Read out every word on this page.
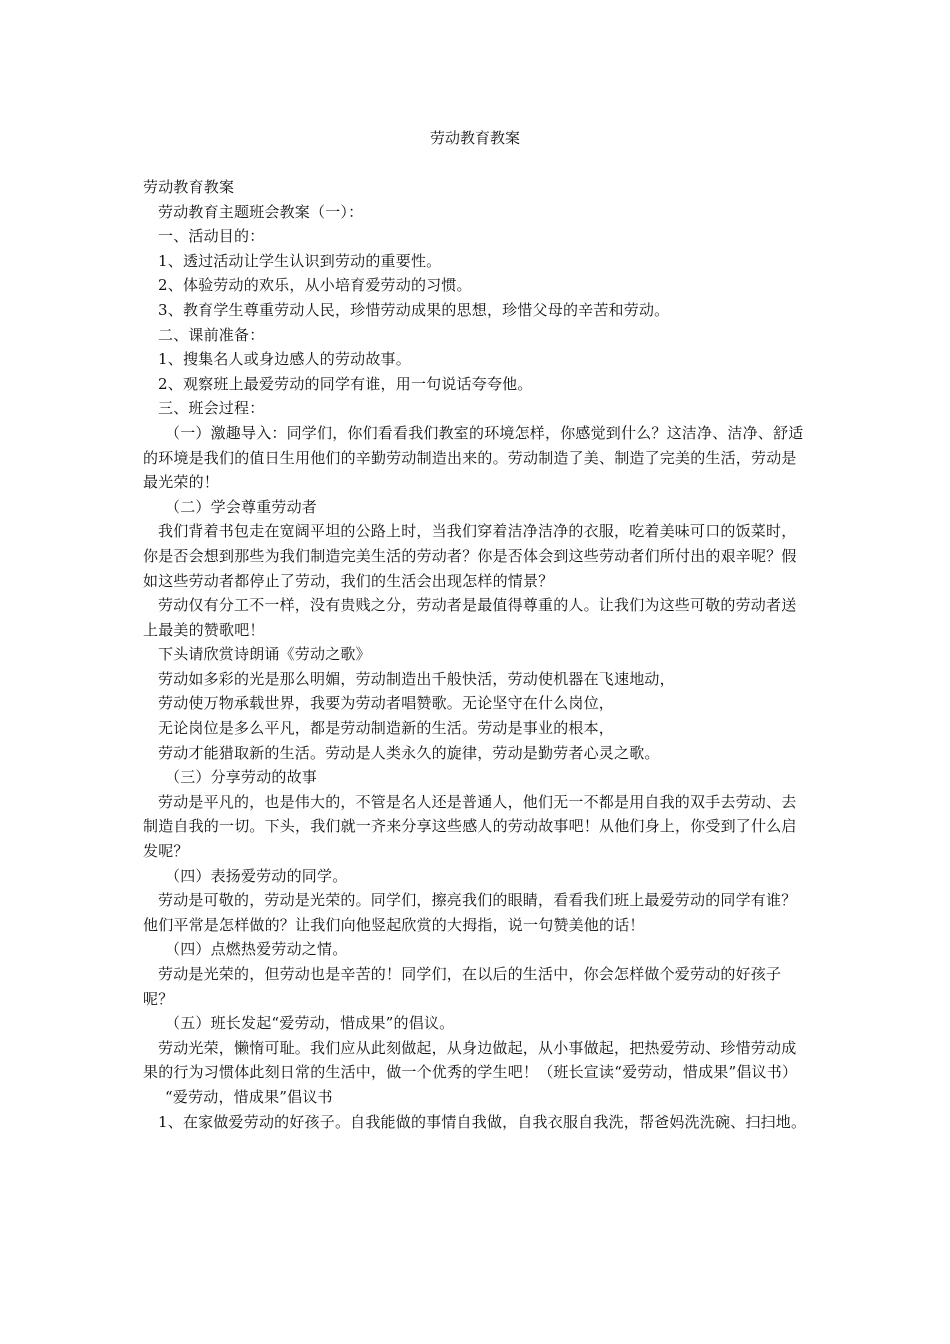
劳动教育教案

劳动教育教案

劳动教育主题班会教案（一）：

一、活动目的：

1、透过活动让学生认识到劳动的重要性。

2、体验劳动的欢乐，从小培育爱劳动的习惯。

3、教育学生尊重劳动人民，珍惜劳动成果的思想，珍惜父母的辛苦和劳动。

二、课前准备：

1、搜集名人或身边感人的劳动故事。

2、观察班上最爱劳动的同学有谁，用一句说话夸夸他。

三、班会过程：

（一）激趣导入：同学们，你们看看我们教室的环境怎样，你感觉到什么？这洁净、洁净、舒适的环境是我们的值日生用他们的辛勤劳动制造出来的。劳动制造了美、制造了完美的生活，劳动是最光荣的！

（二）学会尊重劳动者

我们背着书包走在宽阔平坦的公路上时，当我们穿着洁净洁净的衣服，吃着美味可口的饭菜时，你是否会想到那些为我们制造完美生活的劳动者？你是否体会到这些劳动者们所付出的艰辛呢？假如这些劳动者都停止了劳动，我们的生活会出现怎样的情景？

劳动仅有分工不一样，没有贵贱之分，劳动者是最值得尊重的人。让我们为这些可敬的劳动者送上最美的赞歌吧！

下头请欣赏诗朗诵《劳动之歌》

劳动如多彩的光是那么明媚，劳动制造出千般快活，劳动使机器在飞速地动，

劳动使万物承载世界，我要为劳动者唱赞歌。无论坚守在什么岗位，

无论岗位是多么平凡，都是劳动制造新的生活。劳动是事业的根本，

劳动才能猎取新的生活。劳动是人类永久的旋律，劳动是勤劳者心灵之歌。

（三）分享劳动的故事

劳动是平凡的，也是伟大的，不管是名人还是普通人，他们无一不都是用自我的双手去劳动、去制造自我的一切。下头，我们就一齐来分享这些感人的劳动故事吧！从他们身上，你受到了什么启发呢？

（四）表扬爱劳动的同学。

劳动是可敬的，劳动是光荣的。同学们，擦亮我们的眼睛，看看我们班上最爱劳动的同学有谁？他们平常是怎样做的？让我们向他竖起欣赏的大拇指，说一句赞美他的话！

（四）点燃热爱劳动之情。

劳动是光荣的，但劳动也是辛苦的！同学们，在以后的生活中，你会怎样做个爱劳动的好孩子呢？

（五）班长发起“爱劳动，惜成果”的倡议。

劳动光荣，懒惰可耻。我们应从此刻做起，从身边做起，从小事做起，把热爱劳动、珍惜劳动成果的行为习惯体此刻日常的生活中，做一个优秀的学生吧！（班长宣读“爱劳动，惜成果”倡议书）

“爱劳动，惜成果”倡议书

1、在家做爱劳动的好孩子。自我能做的事情自我做，自我衣服自我洗，帮爸妈洗洗碗、扫扫地。
